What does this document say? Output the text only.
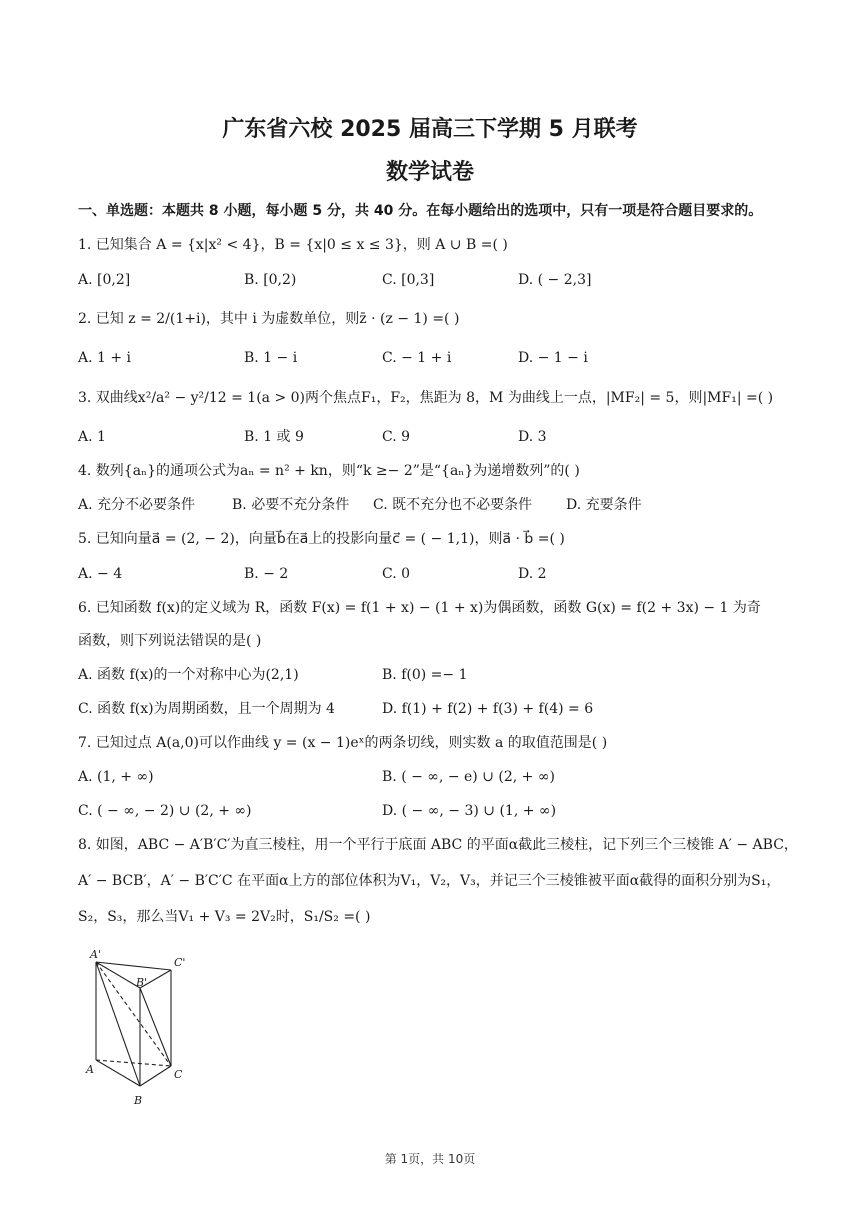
广东省六校 2025 届高三下学期 5 月联考
数学试卷
一、单选题：本题共 8 小题，每小题 5 分，共 40 分。在每小题给出的选项中，只有一项是符合题目要求的。
1. 已知集合 A = {x|x² < 4}，B = {x|0 ≤ x ≤ 3}，则 A ∪ B =( )
A. [0,2]	B. [0,2)	C. [0,3]	D. ( − 2,3]
2. 已知 z = 2/(1+i)，其中 i 为虚数单位，则z̄ · (z − 1) =( )
A. 1 + i	B. 1 − i	C. − 1 + i	D. − 1 − i
3. 双曲线x²/a² − y²/12 = 1(a > 0)两个焦点F₁，F₂，焦距为 8，M 为曲线上一点，|MF₂| = 5，则|MF₁| =( )
A. 1	B. 1 或 9	C. 9	D. 3
4. 数列{aₙ}的通项公式为aₙ = n² + kn，则“k ≥− 2”是“{aₙ}为递增数列”的( )
A. 充分不必要条件	B. 必要不充分条件 C. 既不充分也不必要条件 D. 充要条件
5. 已知向量a⃗ = (2, − 2)，向量b⃗在a⃗上的投影向量c⃗ = ( − 1,1)，则a⃗ · b⃗ =( )
A. − 4	B. − 2	C. 0	D. 2
6. 已知函数 f(x)的定义域为 R，函数 F(x) = f(1 + x) − (1 + x)为偶函数，函数 G(x) = f(2 + 3x) − 1 为奇
函数，则下列说法错误的是( )
A. 函数 f(x)的一个对称中心为(2,1)	B. f(0) =− 1
C. 函数 f(x)为周期函数，且一个周期为 4	D. f(1) + f(2) + f(3) + f(4) = 6
7. 已知过点 A(a,0)可以作曲线 y = (x − 1)eˣ的两条切线，则实数 a 的取值范围是( )
A. (1, + ∞)	B. ( − ∞, − e) ∪ (2, + ∞)
C. ( − ∞, − 2) ∪ (2, + ∞)	D. ( − ∞, − 3) ∪ (1, + ∞)
8. 如图，ABC − A′B′C′为直三棱柱，用一个平行于底面 ABC 的平面α截此三棱柱，记下列三个三棱锥 A′ − ABC，
A′ − BCB′，A′ − B′C′C 在平面α上方的部位体积为V₁，V₂，V₃，并记三个三棱锥被平面α截得的面积分别为S₁，
S₂，S₃，那么当V₁ + V₃ = 2V₂时，S₁/S₂ =( )
A'
C'
B'
A	C
B
第 1页，共 10页
